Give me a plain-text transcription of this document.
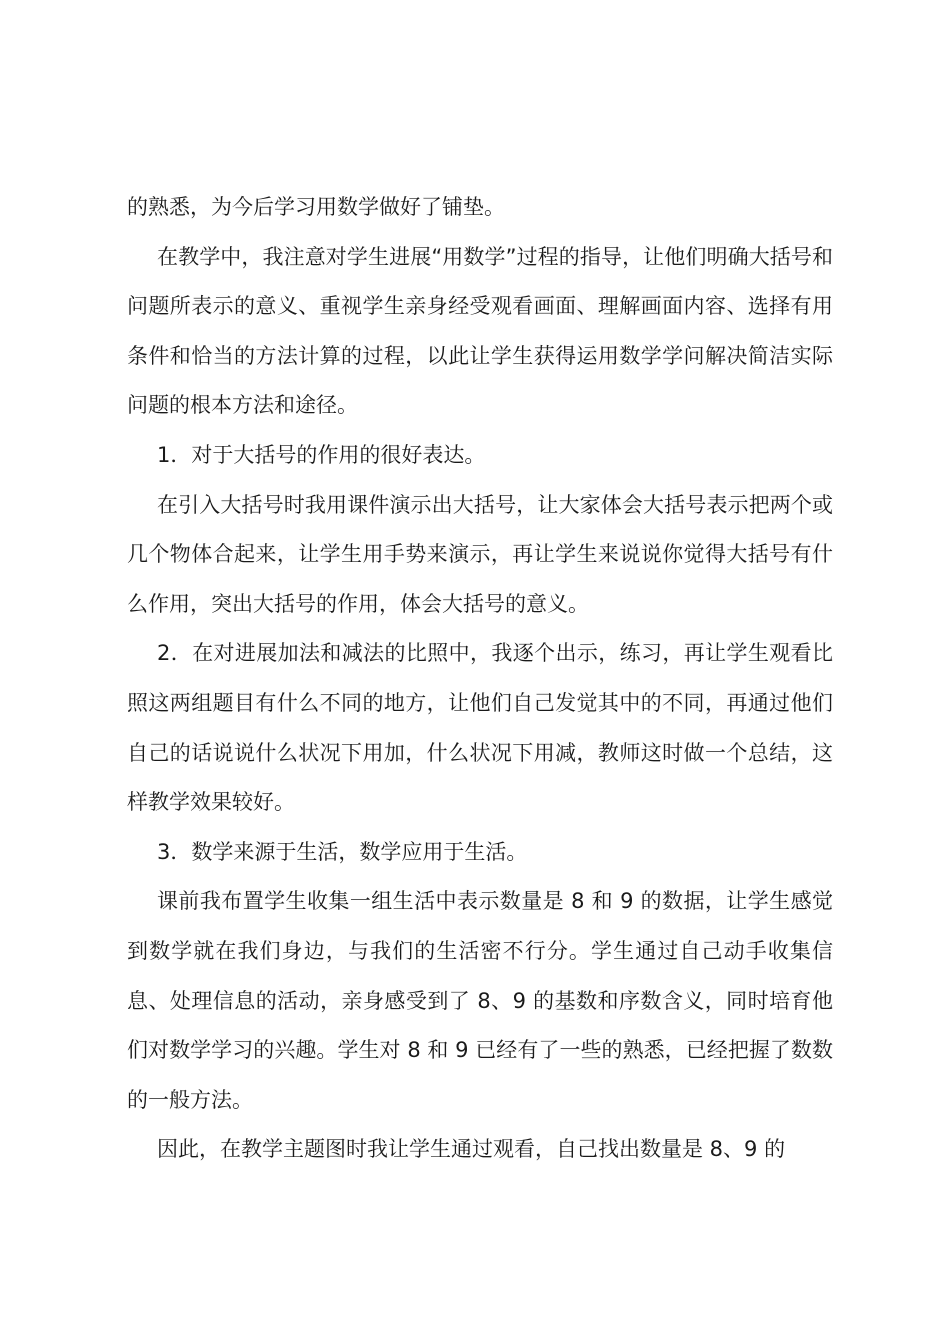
的熟悉，为今后学习用数学做好了铺垫。

在教学中，我注意对学生进展“用数学”过程的指导，让他们明确大括号和问题所表示的意义、重视学生亲身经受观看画面、理解画面内容、选择有用条件和恰当的方法计算的过程，以此让学生获得运用数学学问解决简洁实际问题的根本方法和途径。

1．对于大括号的作用的很好表达。

在引入大括号时我用课件演示出大括号，让大家体会大括号表示把两个或几个物体合起来，让学生用手势来演示，再让学生来说说你觉得大括号有什么作用，突出大括号的作用，体会大括号的意义。

2．在对进展加法和减法的比照中，我逐个出示，练习，再让学生观看比照这两组题目有什么不同的地方，让他们自己发觉其中的不同，再通过他们自己的话说说什么状况下用加，什么状况下用减，教师这时做一个总结，这样教学效果较好。

3．数学来源于生活，数学应用于生活。

课前我布置学生收集一组生活中表示数量是 8 和 9 的数据，让学生感觉到数学就在我们身边，与我们的生活密不行分。学生通过自己动手收集信息、处理信息的活动，亲身感受到了 8、9 的基数和序数含义，同时培育他们对数学学习的兴趣。学生对 8 和 9 已经有了一些的熟悉，已经把握了数数的一般方法。

因此，在教学主题图时我让学生通过观看，自己找出数量是 8、9 的
